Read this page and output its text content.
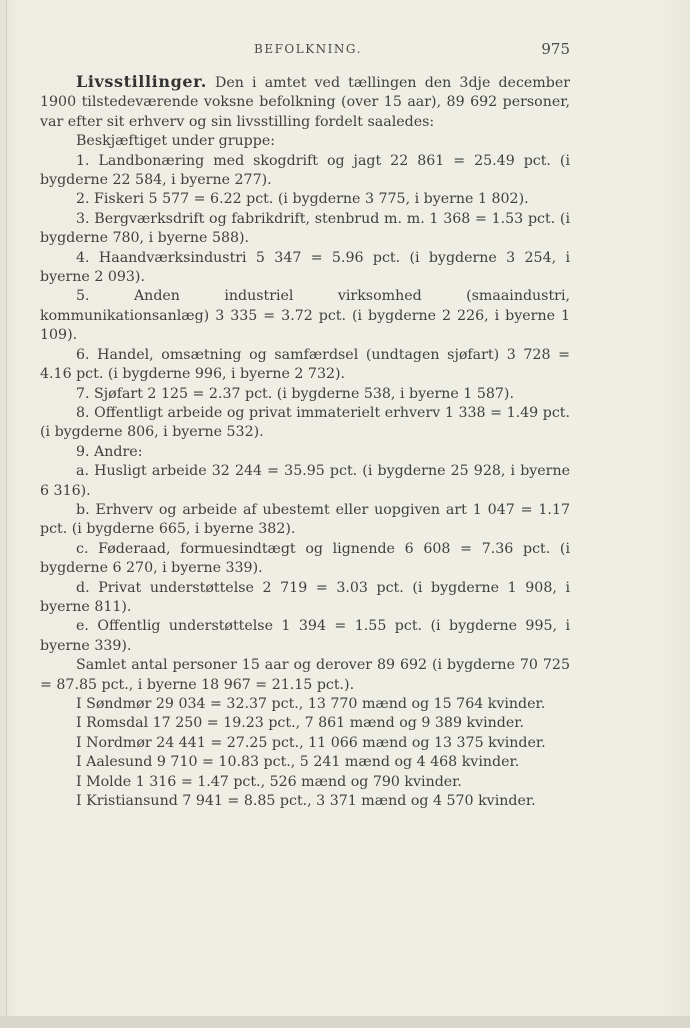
BEFOLKNING.	975

Livsstillinger. Den i amtet ved tællingen den 3dje december 1900 tilstedeværende voksne befolkning (over 15 aar), 89 692 personer, var efter sit erhverv og sin livsstilling fordelt saaledes:

Beskjæftiget under gruppe:

1. Landbonæring med skogdrift og jagt 22 861 = 25.49 pct. (i bygderne 22 584, i byerne 277).

2. Fiskeri 5 577 = 6.22 pct. (i bygderne 3 775, i byerne 1 802).

3. Bergværksdrift og fabrikdrift, stenbrud m. m. 1 368 = 1.53 pct. (i bygderne 780, i byerne 588).

4. Haandværksindustri 5 347 = 5.96 pct. (i bygderne 3 254, i byerne 2 093).

5. Anden industriel virksomhed (smaaindustri, kommunikationsanlæg) 3 335 = 3.72 pct. (i bygderne 2 226, i byerne 1 109).

6. Handel, omsætning og samfærdsel (undtagen sjøfart) 3 728 = 4.16 pct. (i bygderne 996, i byerne 2 732).

7. Sjøfart 2 125 = 2.37 pct. (i bygderne 538, i byerne 1 587).

8. Offentligt arbeide og privat immaterielt erhverv 1 338 = 1.49 pct. (i bygderne 806, i byerne 532).

9. Andre:

a. Husligt arbeide 32 244 = 35.95 pct. (i bygderne 25 928, i byerne 6 316).

b. Erhverv og arbeide af ubestemt eller uopgiven art 1 047 = 1.17 pct. (i bygderne 665, i byerne 382).

c. Føderaad, formuesindtægt og lignende 6 608 = 7.36 pct. (i bygderne 6 270, i byerne 339).

d. Privat understøttelse 2 719 = 3.03 pct. (i bygderne 1 908, i byerne 811).

e. Offentlig understøttelse 1 394 = 1.55 pct. (i bygderne 995, i byerne 339).

Samlet antal personer 15 aar og derover 89 692 (i bygderne 70 725 = 87.85 pct., i byerne 18 967 = 21.15 pct.).

I Søndmør 29 034 = 32.37 pct., 13 770 mænd og 15 764 kvinder.

I Romsdal 17 250 = 19.23 pct., 7 861 mænd og 9 389 kvinder.

I Nordmør 24 441 = 27.25 pct., 11 066 mænd og 13 375 kvinder.

I Aalesund 9 710 = 10.83 pct., 5 241 mænd og 4 468 kvinder.

I Molde 1 316 = 1.47 pct., 526 mænd og 790 kvinder.

I Kristiansund 7 941 = 8.85 pct., 3 371 mænd og 4 570 kvinder.
